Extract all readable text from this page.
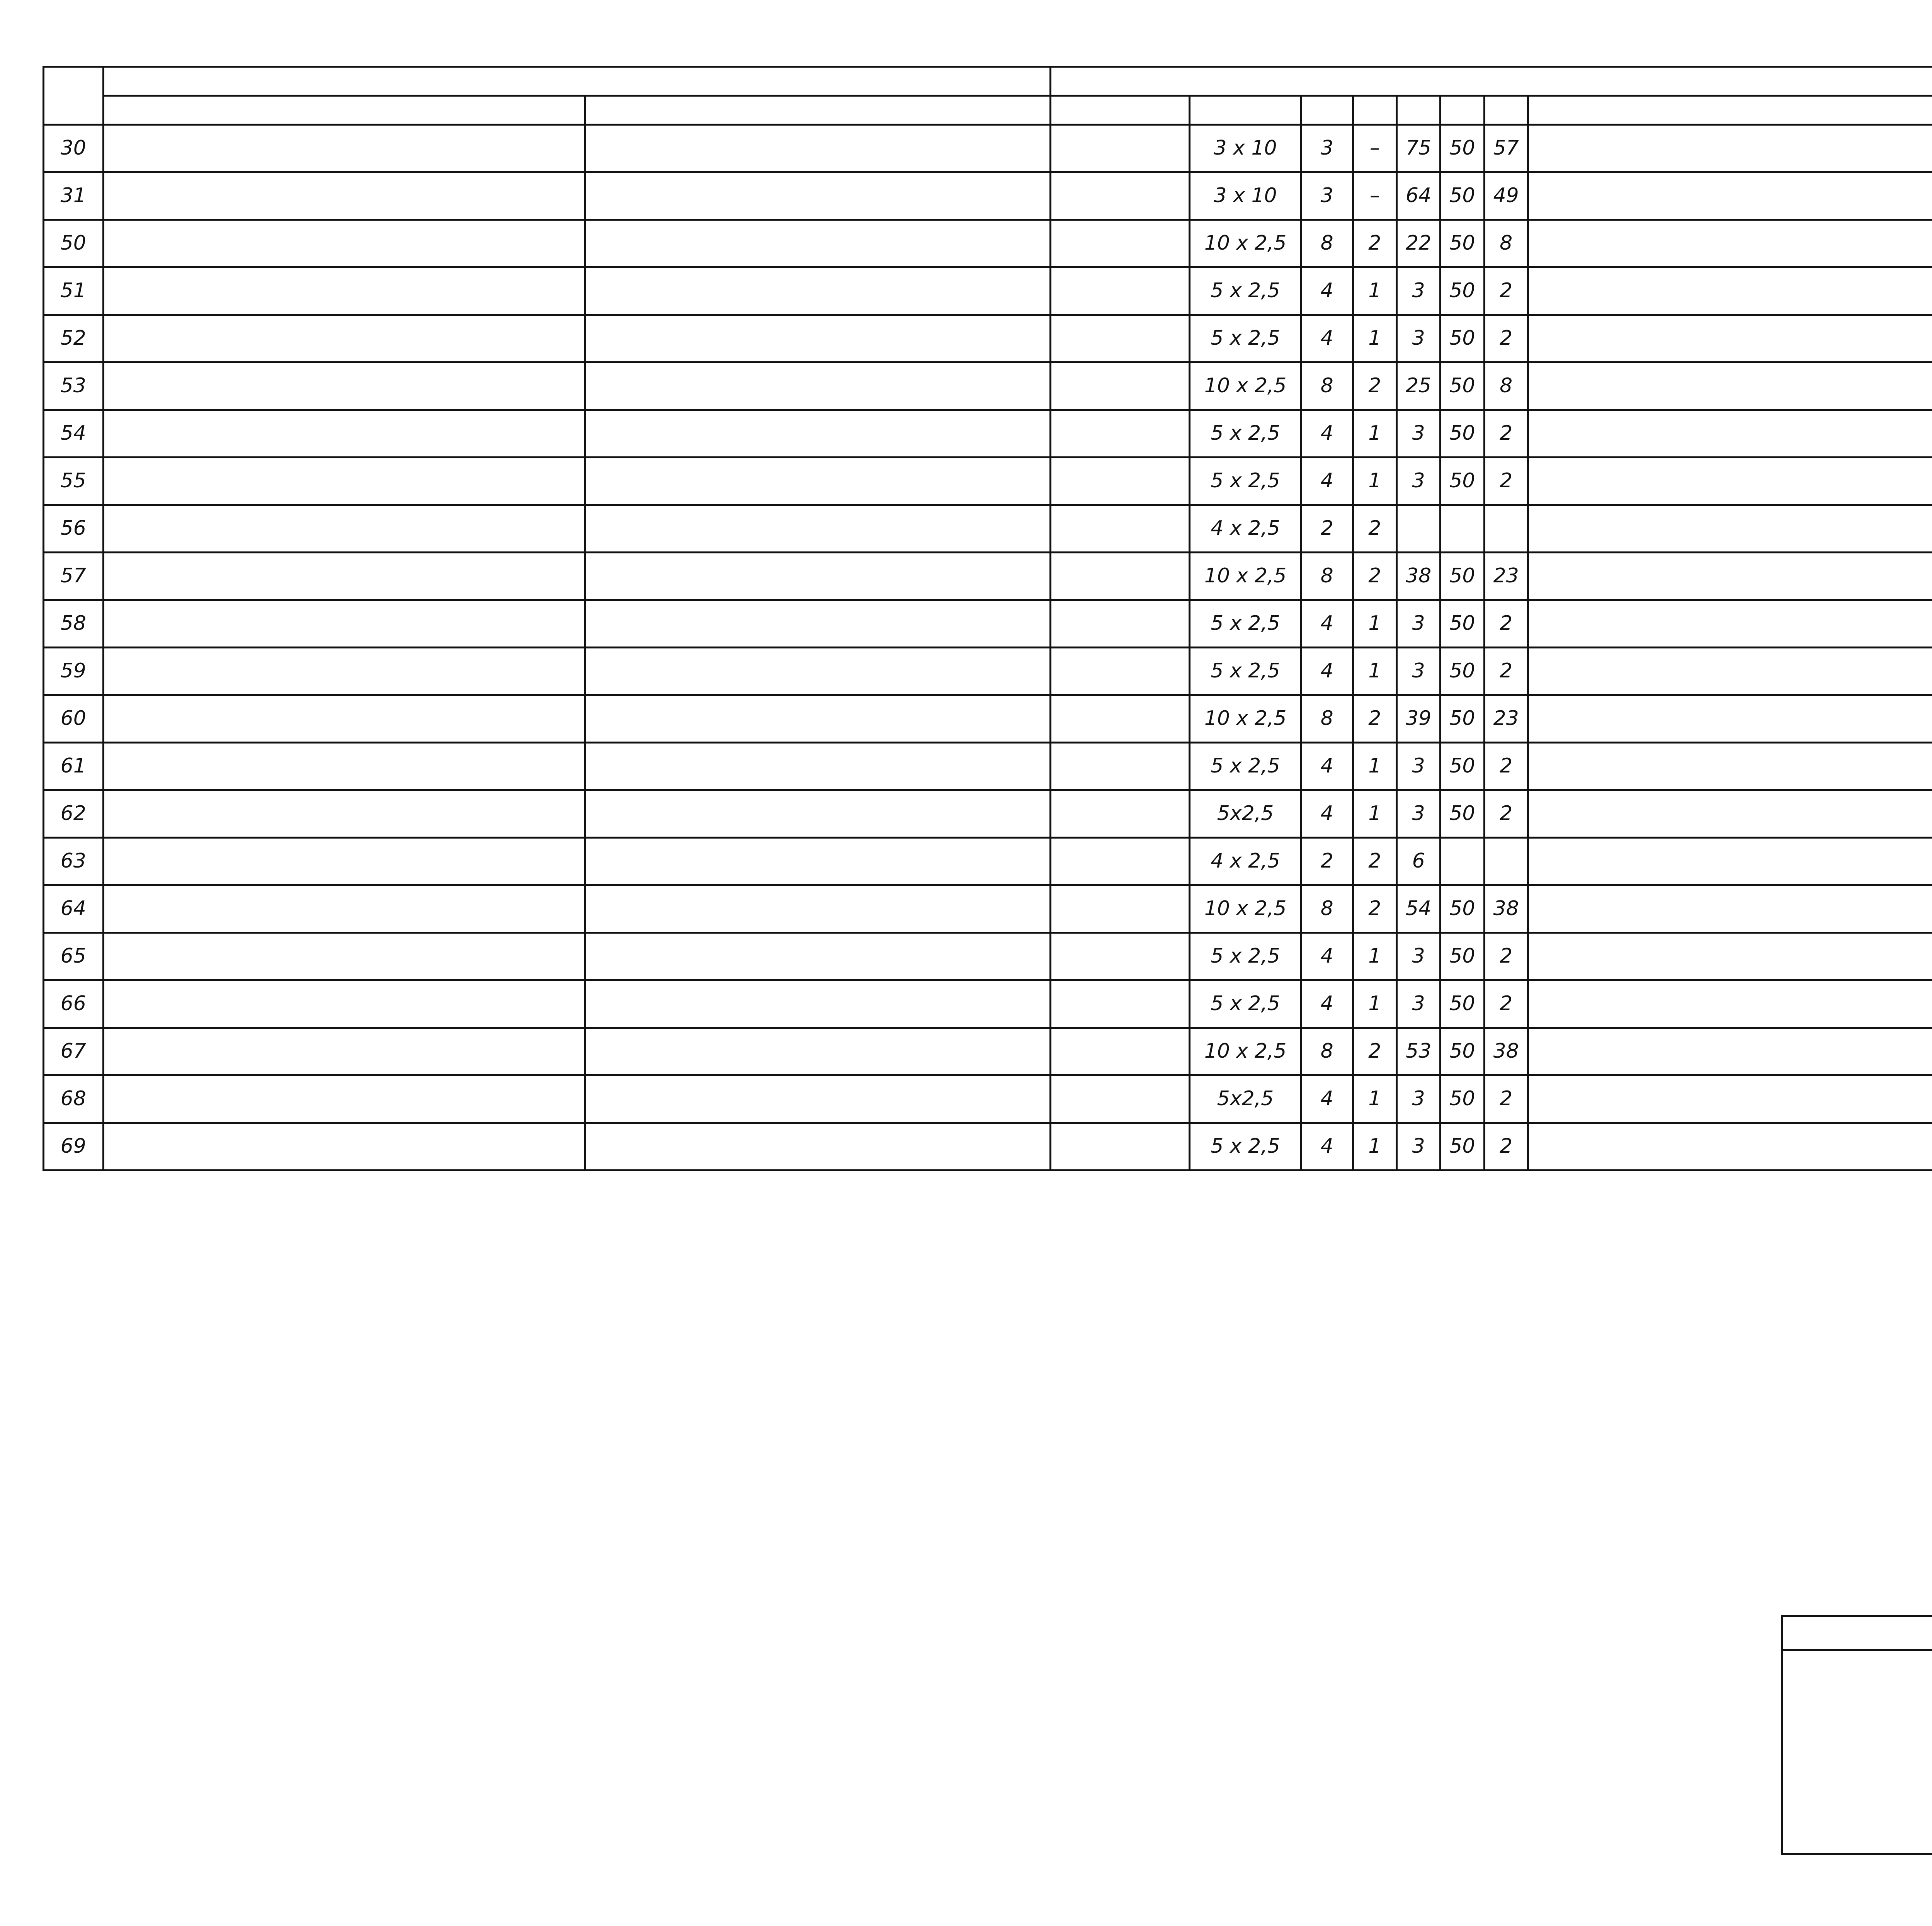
30				3 x 10	3	–	75	50	57					
31				3 x 10	3	–	64	50	49					
50				10 x 2,5	8	2	22	50	8					
51				5 x 2,5	4	1	3	50	2					
52				5 x 2,5	4	1	3	50	2					
53				10 x 2,5	8	2	25	50	8					
54				5 x 2,5	4	1	3	50	2					
55				5 x 2,5	4	1	3	50	2					
56				4 x 2,5	2	2								
57				10 x 2,5	8	2	38	50	23					
58				5 x 2,5	4	1	3	50	2					
59				5 x 2,5	4	1	3	50	2					
60				10 x 2,5	8	2	39	50	23					
61				5 x 2,5	4	1	3	50	2					
62				5x2,5	4	1	3	50	2					
63				4 x 2,5	2	2	6							
64				10 x 2,5	8	2	54	50	38					
65				5 x 2,5	4	1	3	50	2					
66				5 x 2,5	4	1	3	50	2					
67				10 x 2,5	8	2	53	50	38					
68				5x2,5	4	1	3	50	2					
69				5 x 2,5	4	1	3	50	2					
